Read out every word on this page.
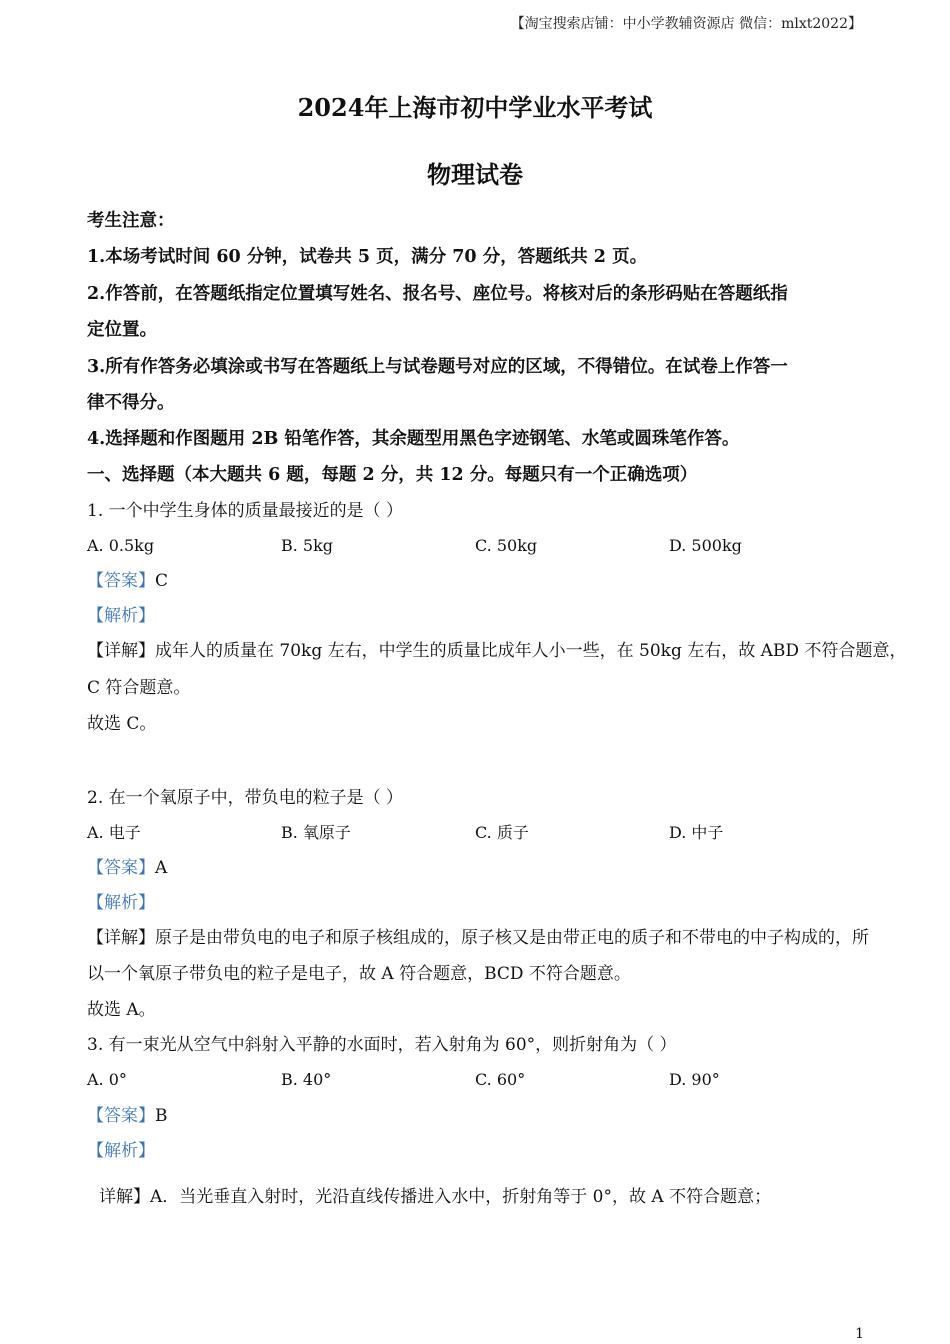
【淘宝搜索店铺：中小学教辅资源店 微信：mlxt2022】
2024年上海市初中学业水平考试
物理试卷
考生注意：
1.本场考试时间 60 分钟，试卷共 5 页，满分 70 分，答题纸共 2 页。
2.作答前，在答题纸指定位置填写姓名、报名号、座位号。将核对后的条形码贴在答题纸指
定位置。
3.所有作答务必填涂或书写在答题纸上与试卷题号对应的区域，不得错位。在试卷上作答一
律不得分。
4.选择题和作图题用 2B 铅笔作答，其余题型用黑色字迹钢笔、水笔或圆珠笔作答。
一、选择题（本大题共 6 题，每题 2 分，共 12 分。每题只有一个正确选项）
1. 一个中学生身体的质量最接近的是（ ）
A. 0.5kg	B. 5kg	C. 50kg	D. 500kg
【答案】C
【解析】
【详解】成年人的质量在 70kg 左右，中学生的质量比成年人小一些，在 50kg 左右，故 ABD 不符合题意，
C 符合题意。
故选 C。
2. 在一个氧原子中，带负电的粒子是（ ）
A. 电子	B. 氧原子	C. 质子	D. 中子
【答案】A
【解析】
【详解】原子是由带负电的电子和原子核组成的，原子核又是由带正电的质子和不带电的中子构成的，所
以一个氧原子带负电的粒子是电子，故 A 符合题意，BCD 不符合题意。
故选 A。
3. 有一束光从空气中斜射入平静的水面时，若入射角为 60°，则折射角为（ ）
A. 0°	B. 40°	C. 60°	D. 90°
【答案】B
【解析】
详解】A．当光垂直入射时，光沿直线传播进入水中，折射角等于 0°，故 A 不符合题意；
1
